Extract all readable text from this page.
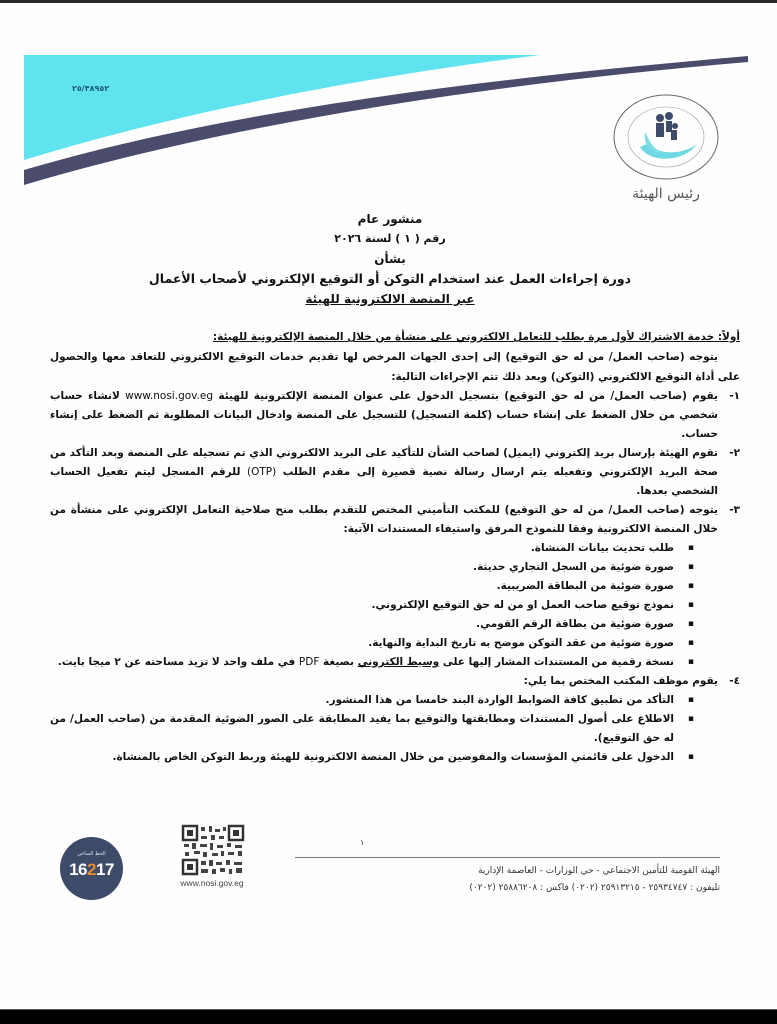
٢٥/٣٨٩٥٢
رئيس الهيئة
منشور عام
رقم ( ١ ) لسنة ٢٠٢٦
بشأن
دورة إجراءات العمل عند استخدام التوكن أو التوقيع الإلكتروني لأصحاب الأعمال
عبر المنصة الالكترونية للهيئة
أولاً: خدمة الاشتراك لأول مرة بطلب للتعامل الالكتروني على منشأة من خلال المنصة الإلكترونية للهيئة:
يتوجه (صاحب العمل/ من له حق التوقيع) إلى إحدى الجهات المرخص لها تقديم خدمات التوقيع الالكتروني للتعاقد معها والحصول على أداة التوقيع الالكتروني (التوكن) وبعد ذلك تتم الإجراءات التالية:
١-
يقوم (صاحب العمل/ من له حق التوقيع) بتسجيل الدخول على عنوان المنصة الإلكترونية للهيئة www.nosi.gov.eg لانشاء حساب شخصي من خلال الضغط على إنشاء حساب (كلمة التسجيل) للتسجيل على المنصة وادخال البيانات المطلوبة ثم الضغط على إنشاء حساب.
٢-
تقوم الهيئة بإرسال بريد إلكتروني (ايميل) لصاحب الشأن للتأكيد على البريد الالكتروني الذي تم تسجيله على المنصة وبعد التأكد من صحة البريد الإلكتروني وتفعيله يتم ارسال رسالة نصية قصيرة إلى مقدم الطلب (OTP) للرقم المسجل ليتم تفعيل الحساب الشخصي بعدها.
٣-
يتوجه (صاحب العمل/ من له حق التوقيع) للمكتب التأميني المختص للتقدم بطلب منح صلاحية التعامل الإلكتروني على منشأة من خلال المنصة الالكترونية وفقا للنموذج المرفق واستيفاء المستندات الآتية:
▪ طلب تحديث بيانات المنشاة.
▪ صورة ضوئية من السجل التجاري حديثة.
▪ صورة ضوئية من البطاقة الضريبية.
▪ نموذج توقيع صاحب العمل او من له حق التوقيع الإلكتروني.
▪ صورة ضوئية من بطاقة الرقم القومي.
▪ صورة ضوئية من عقد التوكن موضح به تاريخ البداية والنهاية.
▪ نسخة رقمية من المستندات المشار إليها على وسيط الكتروني بصيغة PDF في ملف واحد لا تزيد مساحته عن ٢ ميجا بايت.
٤-
يقوم موظف المكتب المختص بما يلي:
▪ التأكد من تطبيق كافة الضوابط الواردة البند خامسا من هذا المنشور.
▪ الاطلاع على أصول المستندات ومطابقتها والتوقيع بما يفيد المطابقة على الصور الضوئية المقدمة من (صاحب العمل/ من له حق التوقيع).
▪ الدخول على قائمتي المؤسسات والمفوضين من خلال المنصة الالكترونية للهيئة وربط التوكن الخاص بالمنشاة.
الخط الساخن
16217
www.nosi.gov.eg
١
الهيئة القومية للتأمين الاجتماعي - حي الوزارات - العاصمة الإدارية
تليفون : ٢٥٩٣٤٧٤٧ - ٢٥٩١٣٢١٥ (٠٢٠٢) فاكس : ٢٥٨٨٦٢٠٨ (٠٢٠٢)
